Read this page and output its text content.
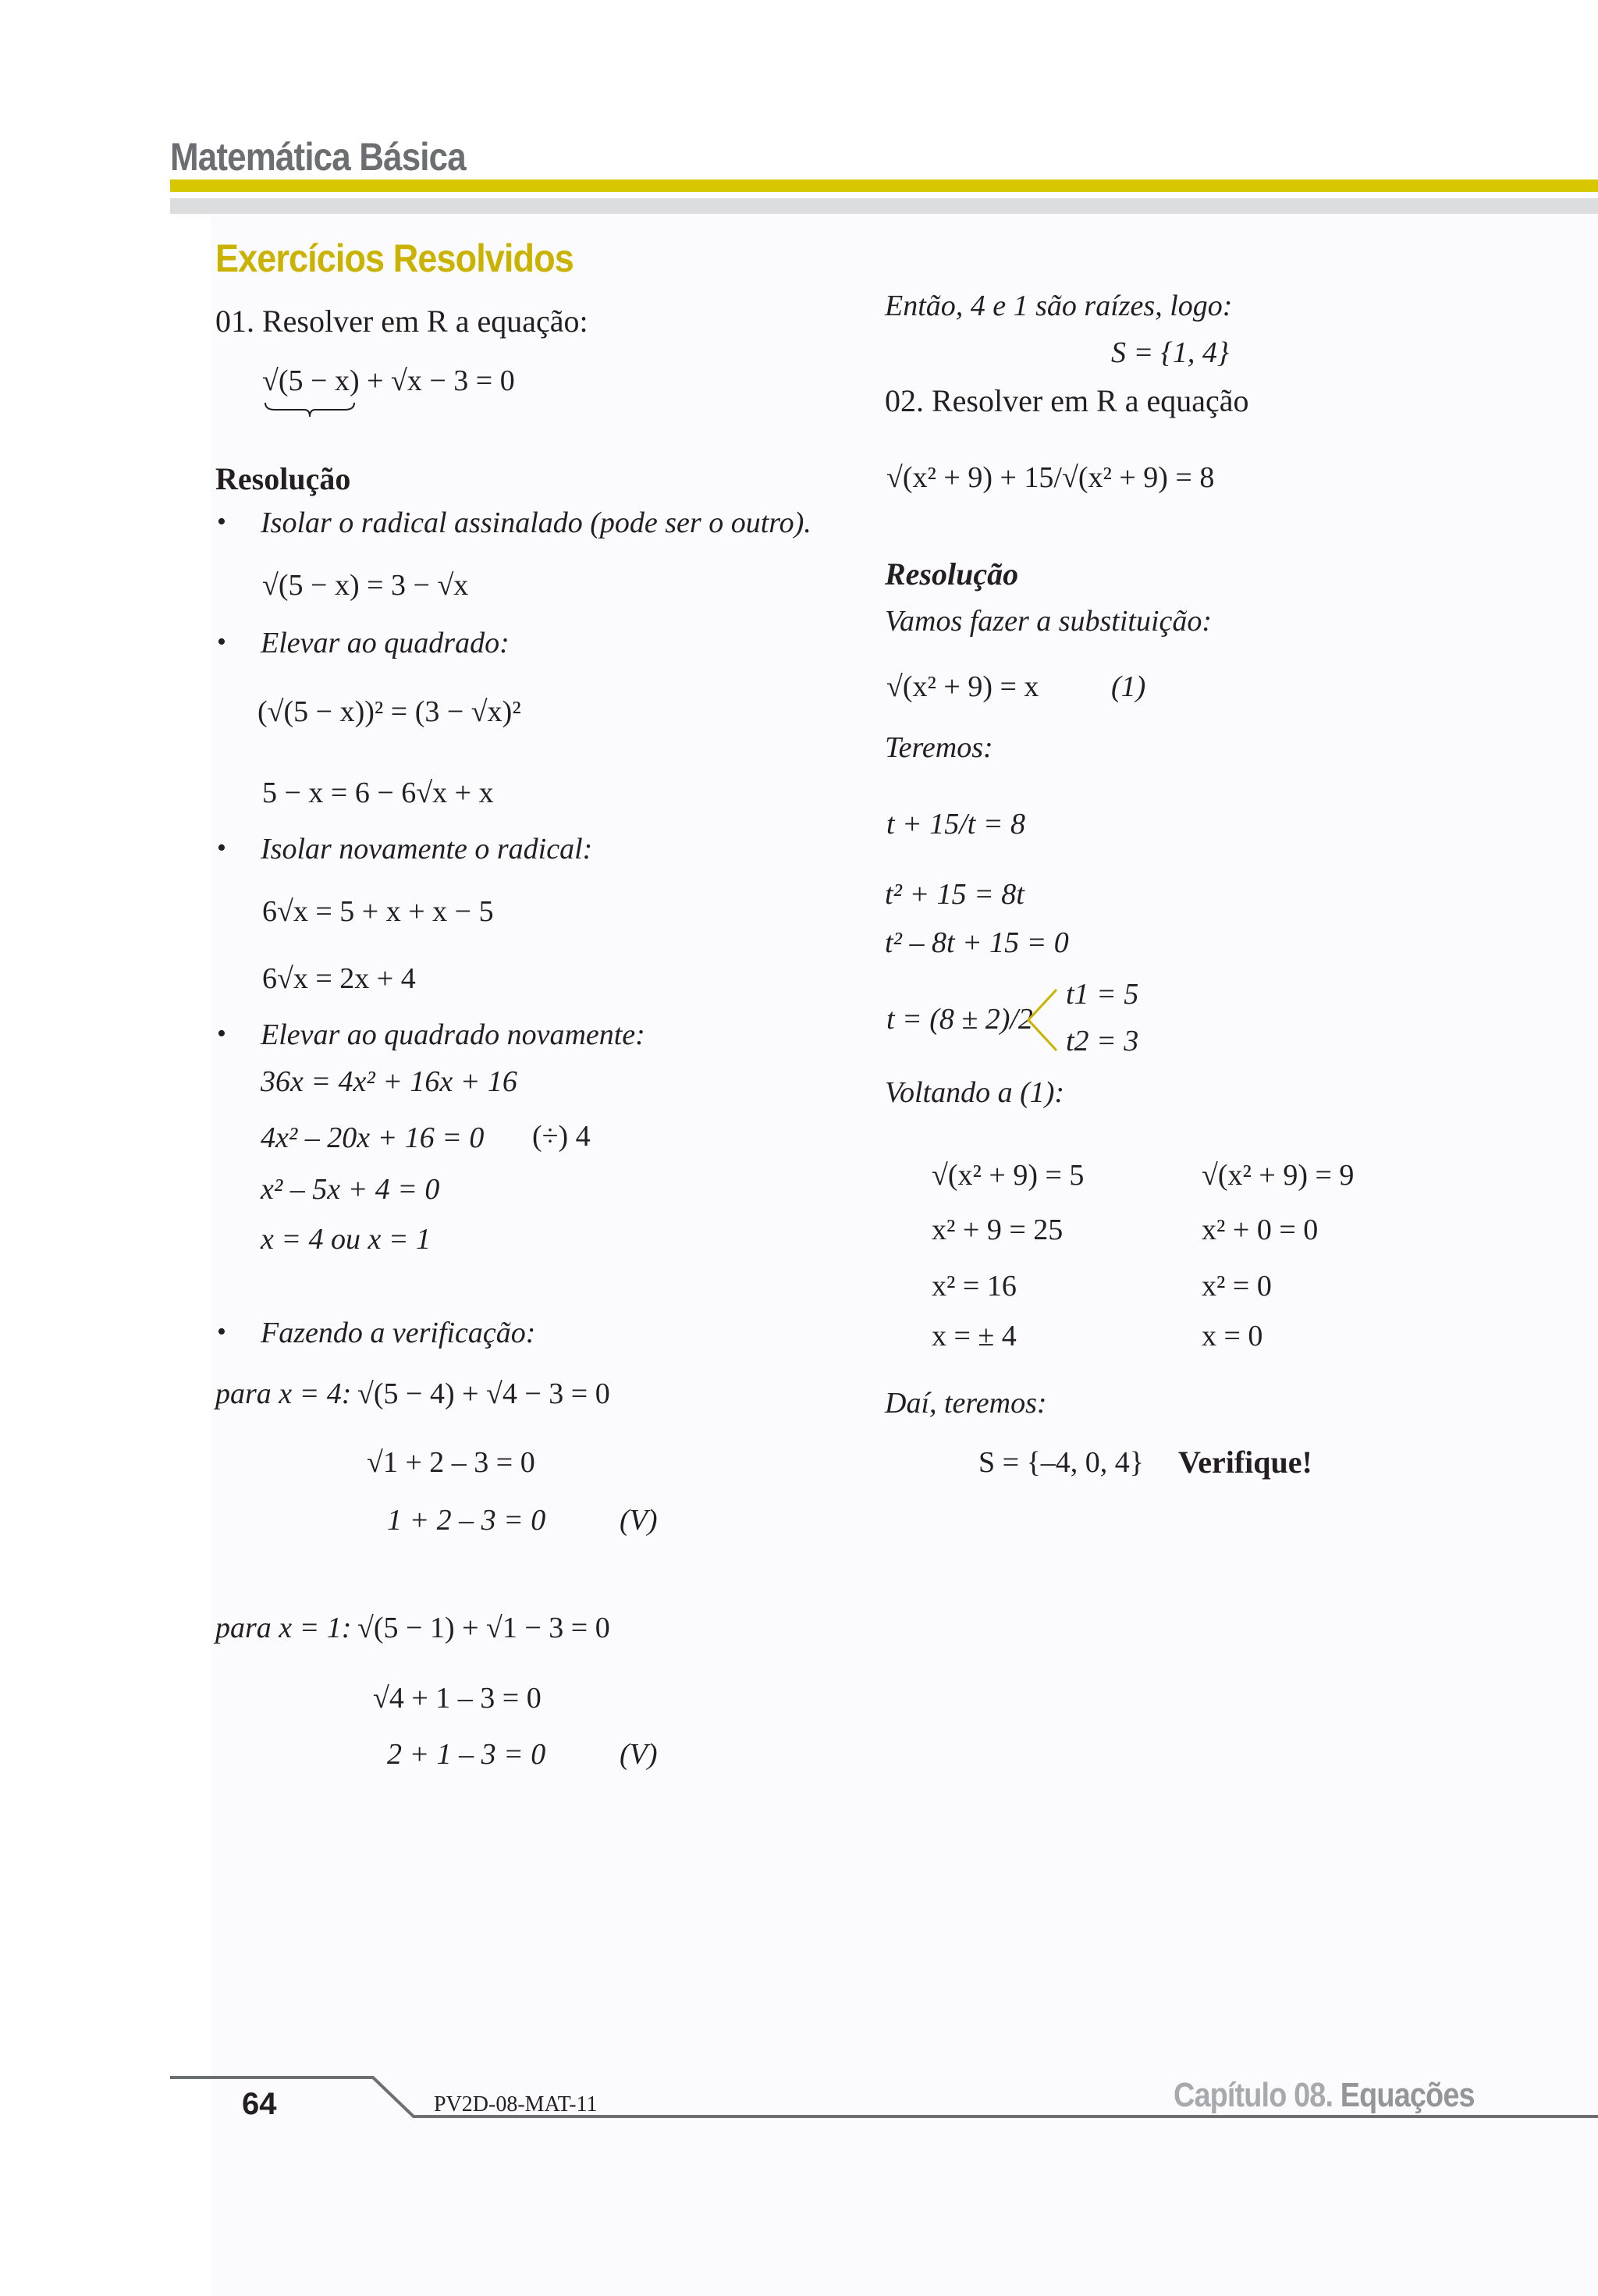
Matemática Básica
Exercícios Resolvidos
01. Resolver em R a equação:
√(5 − x) + √x − 3 = 0
Resolução
• Isolar o radical assinalado (pode ser o outro).
√(5 − x) = 3 − √x
• Elevar ao quadrado:
(√(5 − x))² = (3 − √x)²
5 − x = 6 − 6√x + x
• Isolar novamente o radical:
6√x = 5 + x + x − 5
6√x = 2x + 4
• Elevar ao quadrado novamente:
36x = 4x² + 16x + 16
4x² – 20x + 16 = 0 (÷) 4
x² – 5x + 4 = 0
x = 4 ou x = 1
• Fazendo a verificação:
para x = 4: √(5 − 4) + √4 − 3 = 0
√1 + 2 – 3 = 0
1 + 2 – 3 = 0 (V)
para x = 1: √(5 − 1) + √1 − 3 = 0
√4 + 1 – 3 = 0
2 + 1 – 3 = 0 (V)
Então, 4 e 1 são raízes, logo:
S = {1, 4}
02. Resolver em R a equação
√(x² + 9) + 15/√(x² + 9) = 8
Resolução
Vamos fazer a substituição:
√(x² + 9) = x (1)
Teremos:
t + 15/t = 8
t² + 15 = 8t
t² – 8t + 15 = 0
t = (8 ± 2)/2
t1 = 5
t2 = 3
Voltando a (1):
√(x² + 9) = 5
x² + 9 = 25
x² = 16
x = ± 4
√(x² + 9) = 9
x² + 0 = 0
x² = 0
x = 0
Daí, teremos:
S = {–4, 0, 4} Verifique!
64	PV2D-08-MAT-11	Capítulo 08. Equações
